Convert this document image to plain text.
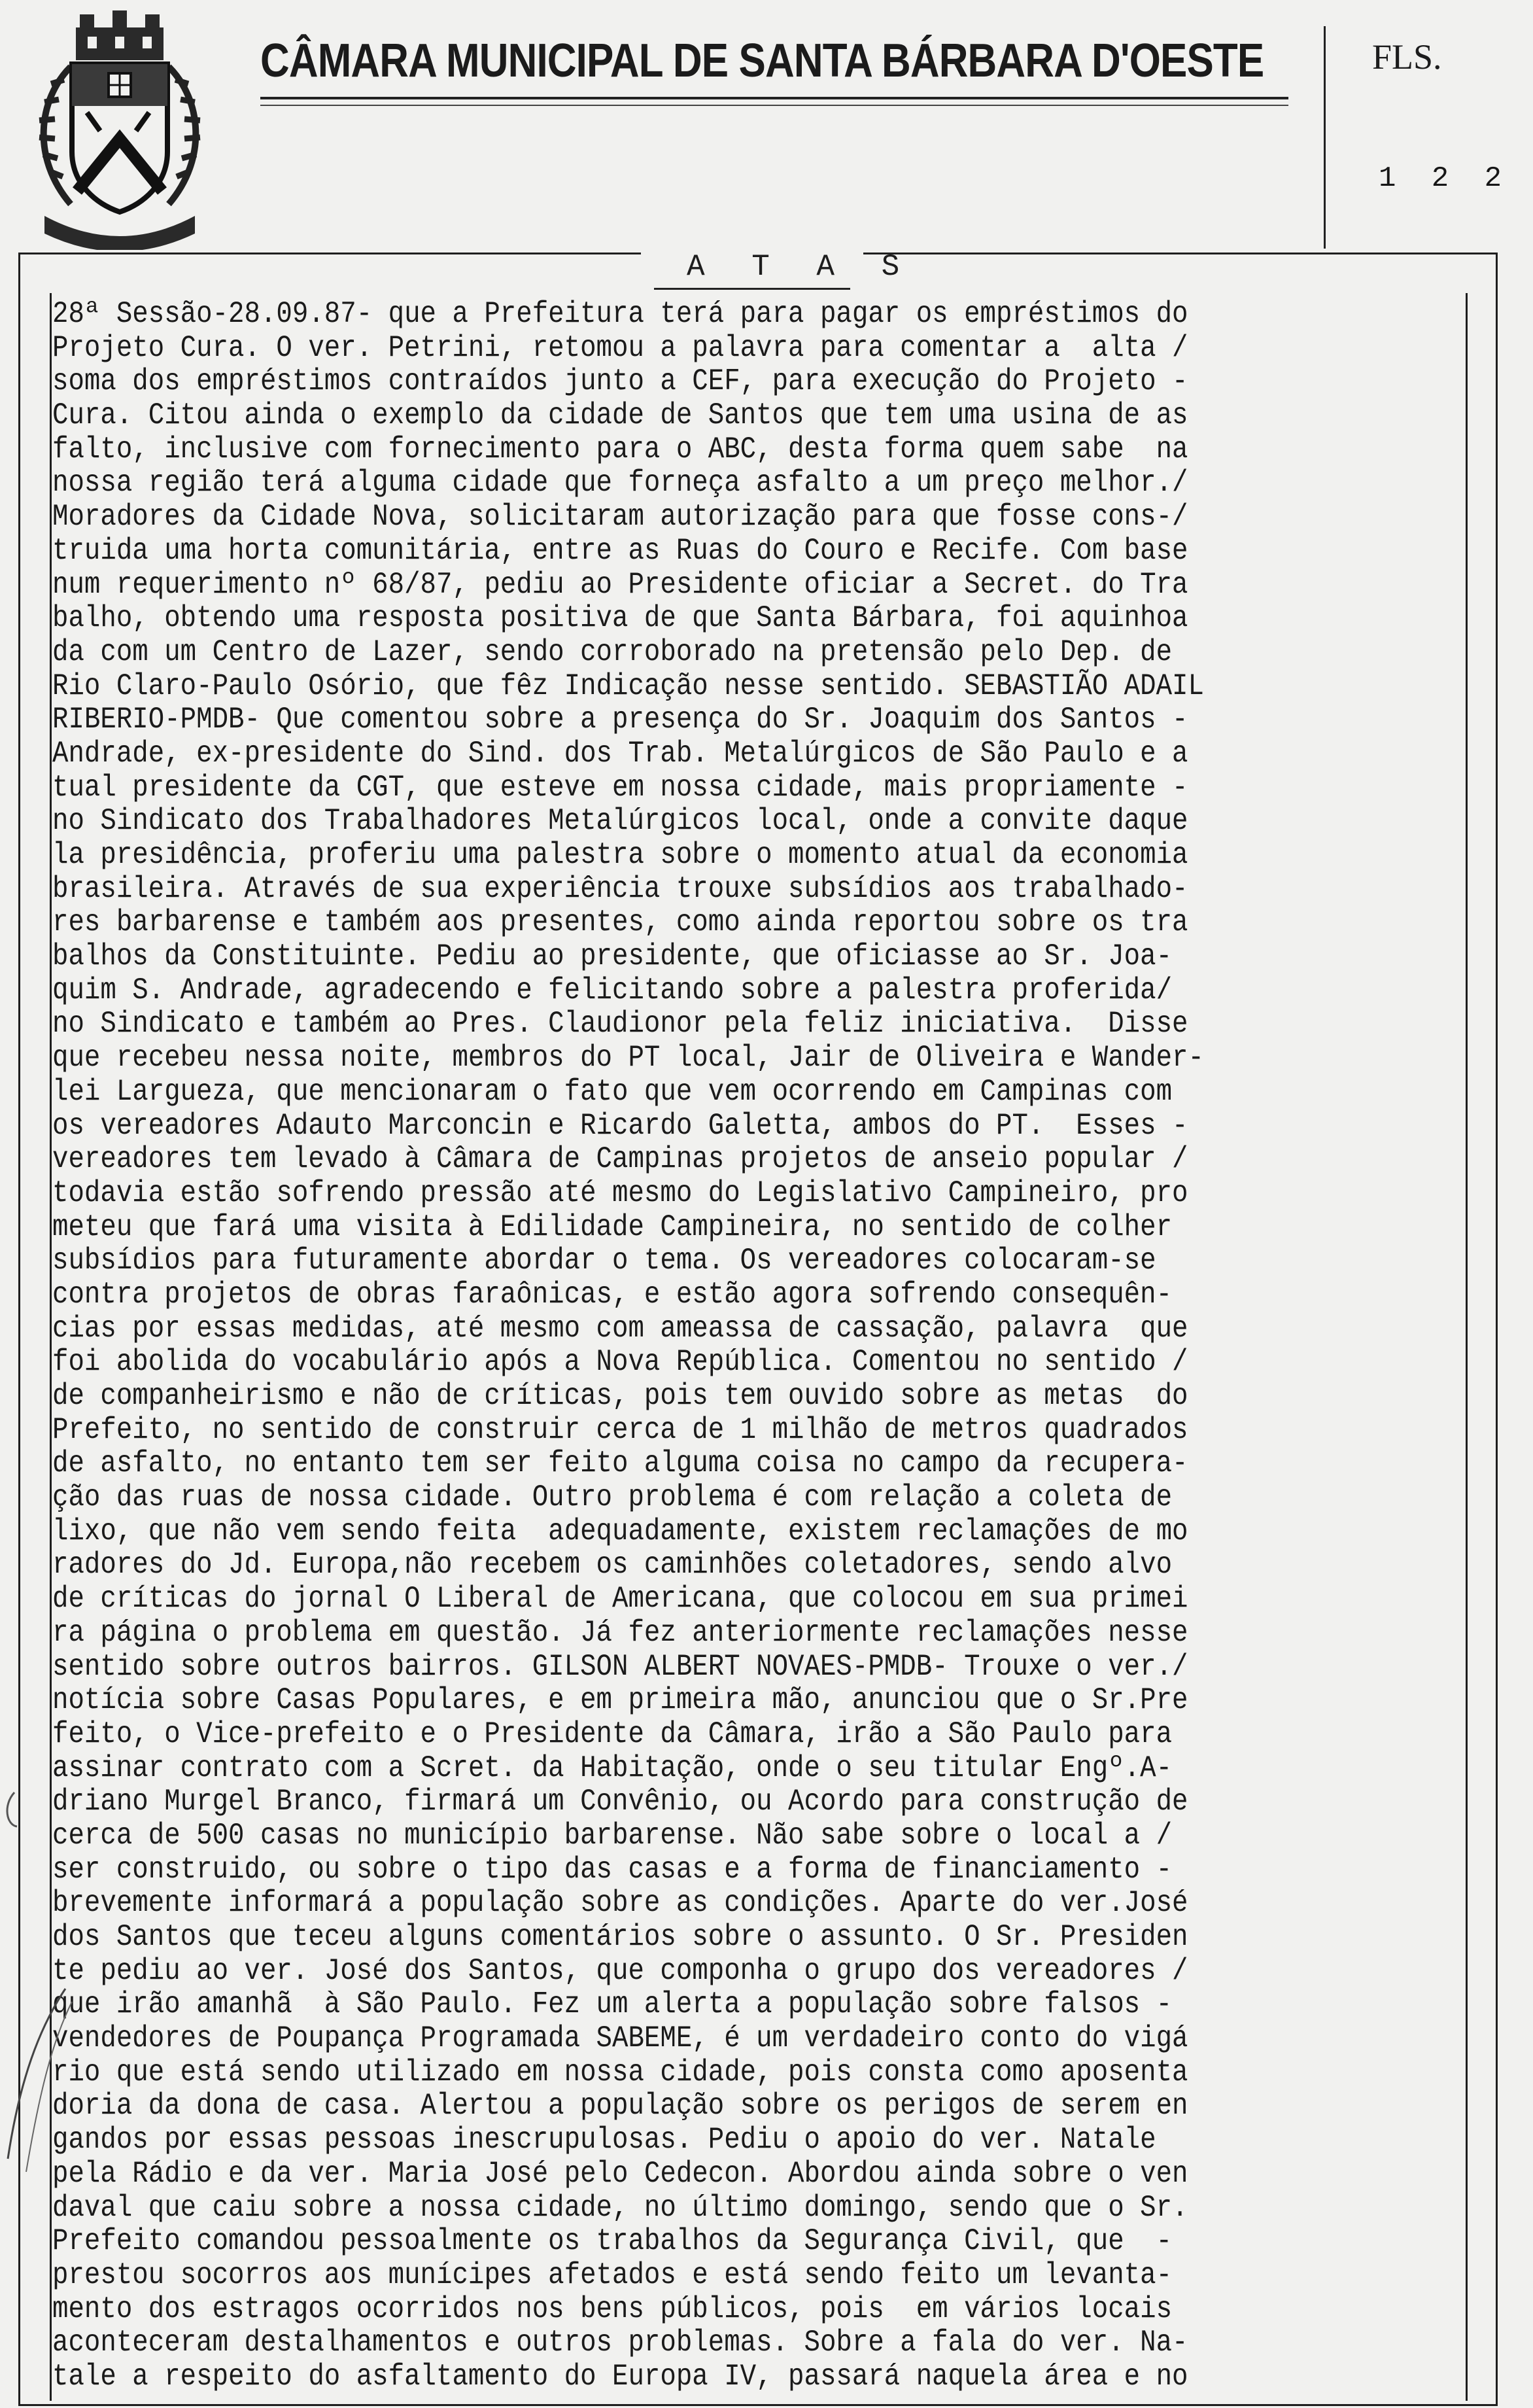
CÂMARA MUNICIPAL DE SANTA BÁRBARA D'OESTE	FLS.
1 2 2
A T A S
28ª Sessão-28.09.87- que a Prefeitura terá para pagar os empréstimos do
Projeto Cura. O ver. Petrini, retomou a palavra para comentar a  alta /
soma dos empréstimos contraídos junto a CEF, para execução do Projeto -
Cura. Citou ainda o exemplo da cidade de Santos que tem uma usina de as
falto, inclusive com fornecimento para o ABC, desta forma quem sabe  na
nossa região terá alguma cidade que forneça asfalto a um preço melhor./
Moradores da Cidade Nova, solicitaram autorização para que fosse cons-/
truida uma horta comunitária, entre as Ruas do Couro e Recife. Com base
num requerimento nº 68/87, pediu ao Presidente oficiar a Secret. do Tra
balho, obtendo uma resposta positiva de que Santa Bárbara, foi aquinhoa
da com um Centro de Lazer, sendo corroborado na pretensão pelo Dep. de
Rio Claro-Paulo Osório, que fêz Indicação nesse sentido. SEBASTIÃO ADAIL
RIBERIO-PMDB- Que comentou sobre a presença do Sr. Joaquim dos Santos -
Andrade, ex-presidente do Sind. dos Trab. Metalúrgicos de São Paulo e a
tual presidente da CGT, que esteve em nossa cidade, mais propriamente -
no Sindicato dos Trabalhadores Metalúrgicos local, onde a convite daque
la presidência, proferiu uma palestra sobre o momento atual da economia
brasileira. Através de sua experiência trouxe subsídios aos trabalhado-
res barbarense e também aos presentes, como ainda reportou sobre os tra
balhos da Constituinte. Pediu ao presidente, que oficiasse ao Sr. Joa-
quim S. Andrade, agradecendo e felicitando sobre a palestra proferida/
no Sindicato e também ao Pres. Claudionor pela feliz iniciativa.  Disse
que recebeu nessa noite, membros do PT local, Jair de Oliveira e Wander-
lei Largueza, que mencionaram o fato que vem ocorrendo em Campinas com
os vereadores Adauto Marconcin e Ricardo Galetta, ambos do PT.  Esses -
vereadores tem levado à Câmara de Campinas projetos de anseio popular /
todavia estão sofrendo pressão até mesmo do Legislativo Campineiro, pro
meteu que fará uma visita à Edilidade Campineira, no sentido de colher
subsídios para futuramente abordar o tema. Os vereadores colocaram-se
contra projetos de obras faraônicas, e estão agora sofrendo consequên-
cias por essas medidas, até mesmo com ameassa de cassação, palavra  que
foi abolida do vocabulário após a Nova República. Comentou no sentido /
de companheirismo e não de críticas, pois tem ouvido sobre as metas  do
Prefeito, no sentido de construir cerca de 1 milhão de metros quadrados
de asfalto, no entanto tem ser feito alguma coisa no campo da recupera-
ção das ruas de nossa cidade. Outro problema é com relação a coleta de
lixo, que não vem sendo feita  adequadamente, existem reclamações de mo
radores do Jd. Europa,não recebem os caminhões coletadores, sendo alvo
de críticas do jornal O Liberal de Americana, que colocou em sua primei
ra página o problema em questão. Já fez anteriormente reclamações nesse
sentido sobre outros bairros. GILSON ALBERT NOVAES-PMDB- Trouxe o ver./
notícia sobre Casas Populares, e em primeira mão, anunciou que o Sr.Pre
feito, o Vice-prefeito e o Presidente da Câmara, irão a São Paulo para
assinar contrato com a Scret. da Habitação, onde o seu titular Engº.A-
driano Murgel Branco, firmará um Convênio, ou Acordo para construção de
cerca de 500 casas no município barbarense. Não sabe sobre o local a /
ser construido, ou sobre o tipo das casas e a forma de financiamento -
brevemente informará a população sobre as condições. Aparte do ver.José
dos Santos que teceu alguns comentários sobre o assunto. O Sr. Presiden
te pediu ao ver. José dos Santos, que componha o grupo dos vereadores /
que irão amanhã  à São Paulo. Fez um alerta a população sobre falsos -
vendedores de Poupança Programada SABEME, é um verdadeiro conto do vigá
rio que está sendo utilizado em nossa cidade, pois consta como aposenta
doria da dona de casa. Alertou a população sobre os perigos de serem en
gandos por essas pessoas inescrupulosas. Pediu o apoio do ver. Natale
pela Rádio e da ver. Maria José pelo Cedecon. Abordou ainda sobre o ven
daval que caiu sobre a nossa cidade, no último domingo, sendo que o Sr.
Prefeito comandou pessoalmente os trabalhos da Segurança Civil, que  -
prestou socorros aos munícipes afetados e está sendo feito um levanta-
mento dos estragos ocorridos nos bens públicos, pois  em vários locais
aconteceram destalhamentos e outros problemas. Sobre a fala do ver. Na-
tale a respeito do asfaltamento do Europa IV, passará naquela área e no
